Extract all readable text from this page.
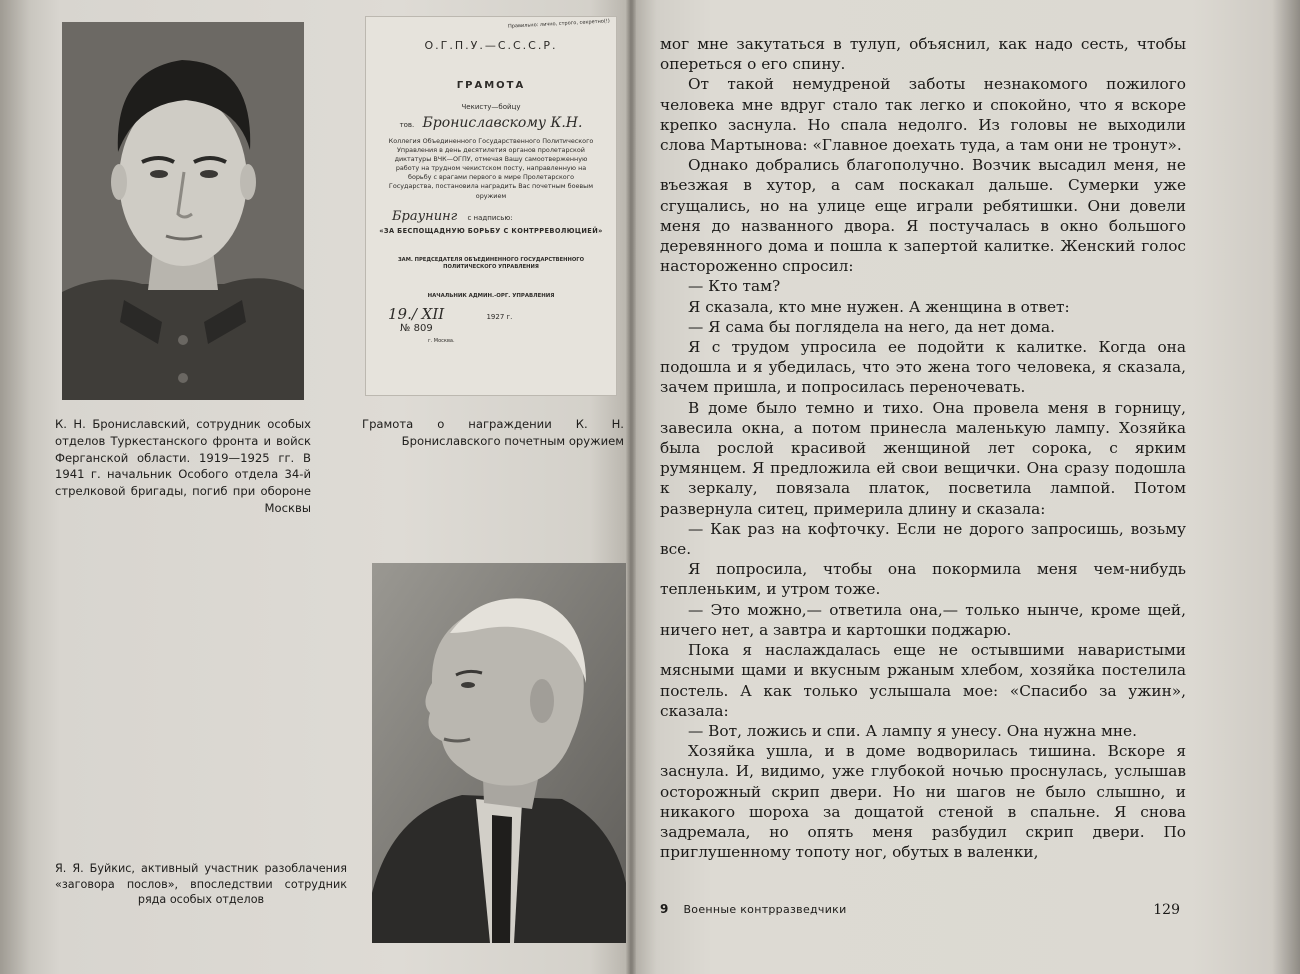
Правильно: лично, строго, секретно(!)
О.Г.П.У.—С.С.С.Р.
ГРАМОТА
Чекисту—бойцу
тов. Брониславскому К.Н.
Коллегия Объединенного Государственного Политического Управления в день десятилетия органов пролетарской диктатуры ВЧК—ОГПУ, отмечая Вашу самоотверженную работу на трудном чекистском посту, направленную на борьбу с врагами первого в мире Пролетарского Государства, постановила наградить Вас почетным боевым оружием
Браунинг с надписью:
«ЗА БЕСПОЩАДНУЮ БОРЬБУ С КОНТРРЕВОЛЮЦИЕЙ»
ЗАМ. ПРЕДСЕДАТЕЛЯ ОБЪЕДИНЕННОГО ГОСУДАРСТВЕННОГО ПОЛИТИЧЕСКОГО УПРАВЛЕНИЯ
НАЧАЛЬНИК АДМИН.-ОРГ. УПРАВЛЕНИЯ
19./ XII	1927 г.
№ 809
г. Москва.
К. Н. Брониславский, сотрудник особых отделов Туркестанского фронта и войск Ферганской области. 1919—1925 гг. В 1941 г. начальник Особого отдела 34-й стрелковой бригады, погиб при обороне Москвы
Грамота о награждении К. Н. Брониславского почетным оружием
Я. Я. Буйкис, активный участник разоблачения «заговора послов», впоследствии сотрудник ряда особых отделов

мог мне закутаться в тулуп, объяснил, как надо сесть, чтобы опереться о его спину.

От такой немудреной заботы незнакомого пожилого человека мне вдруг стало так легко и спокойно, что я вскоре крепко заснула. Но спала недолго. Из головы не выходили слова Мартынова: «Главное доехать туда, а там они не тронут».

Однако добрались благополучно. Возчик высадил меня, не въезжая в хутор, а сам поскакал дальше. Сумерки уже сгущались, но на улице еще играли ребятишки. Они довели меня до названного двора. Я постучалась в окно большого деревянного дома и пошла к запертой калитке. Женский голос настороженно спросил:

— Кто там?

Я сказала, кто мне нужен. А женщина в ответ:

— Я сама бы поглядела на него, да нет дома.

Я с трудом упросила ее подойти к калитке. Когда она подошла и я убедилась, что это жена того человека, я сказала, зачем пришла, и попросилась переночевать.

В доме было темно и тихо. Она провела меня в горницу, завесила окна, а потом принесла маленькую лампу. Хозяйка была рослой красивой женщиной лет сорока, с ярким румянцем. Я предложила ей свои вещички. Она сразу подошла к зеркалу, повязала платок, посветила лампой. Потом развернула ситец, примерила длину и сказала:

— Как раз на кофточку. Если не дорого запросишь, возьму все.

Я попросила, чтобы она покормила меня чем-нибудь тепленьким, и утром тоже.

— Это можно,— ответила она,— только нынче, кроме щей, ничего нет, а завтра и картошки поджарю.

Пока я наслаждалась еще не остывшими наваристыми мясными щами и вкусным ржаным хлебом, хозяйка постелила постель. А как только услышала мое: «Спасибо за ужин», сказала:

— Вот, ложись и спи. А лампу я унесу. Она нужна мне.

Хозяйка ушла, и в доме водворилась тишина. Вскоре я заснула. И, видимо, уже глубокой ночью проснулась, услышав осторожный скрип двери. Но ни шагов не было слышно, и никакого шороха за дощатой стеной в спальне. Я снова задремала, но опять меня разбудил скрип двери. По приглушенному топоту ног, обутых в валенки,

9 Военные контрразведчики	129
